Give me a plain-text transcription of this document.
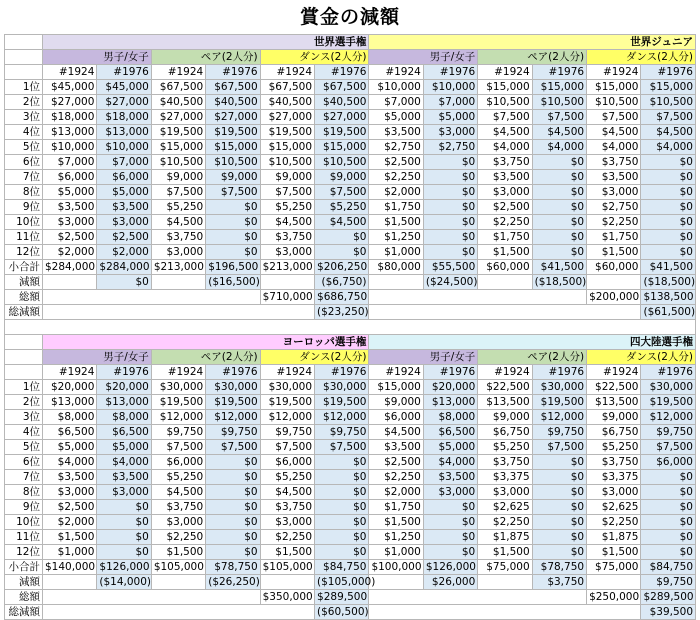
賞金の減額
	世界選手権						世界ジュニア					
	男子/女子		ペア(2人分)		ダンス(2人分)		男子/女子		ペア(2人分)		ダンス(2人分)	
	#1924	#1976	#1924	#1976	#1924	#1976	#1924	#1976	#1924	#1976	#1924	#1976
1位	$45,000	$45,000	$67,500	$67,500	$67,500	$67,500	$10,000	$10,000	$15,000	$15,000	$15,000	$15,000
2位	$27,000	$27,000	$40,500	$40,500	$40,500	$40,500	$7,000	$7,000	$10,500	$10,500	$10,500	$10,500
3位	$18,000	$18,000	$27,000	$27,000	$27,000	$27,000	$5,000	$5,000	$7,500	$7,500	$7,500	$7,500
4位	$13,000	$13,000	$19,500	$19,500	$19,500	$19,500	$3,500	$3,000	$4,500	$4,500	$4,500	$4,500
5位	$10,000	$10,000	$15,000	$15,000	$15,000	$15,000	$2,750	$2,750	$4,000	$4,000	$4,000	$4,000
6位	$7,000	$7,000	$10,500	$10,500	$10,500	$10,500	$2,500	$0	$3,750	$0	$3,750	$0
7位	$6,000	$6,000	$9,000	$9,000	$9,000	$9,000	$2,250	$0	$3,500	$0	$3,500	$0
8位	$5,000	$5,000	$7,500	$7,500	$7,500	$7,500	$2,000	$0	$3,000	$0	$3,000	$0
9位	$3,500	$3,500	$5,250	$0	$5,250	$5,250	$1,750	$0	$2,500	$0	$2,750	$0
10位	$3,000	$3,000	$4,500	$0	$4,500	$4,500	$1,500	$0	$2,250	$0	$2,250	$0
11位	$2,500	$2,500	$3,750	$0	$3,750	$0	$1,250	$0	$1,750	$0	$1,750	$0
12位	$2,000	$2,000	$3,000	$0	$3,000	$0	$1,000	$0	$1,500	$0	$1,500	$0
小合計	$284,000	$284,000	$213,000	$196,500	$213,000	$206,250	$80,000	$55,500	$60,000	$41,500	$60,000	$41,500
減額		$0		($16,500)		($6,750)		($24,500)		($18,500)		($18,500)
総額					$710,000	$686,750					$200,000	$138,500
総減額						($23,250)						($61,500)

	ヨーロッパ選手権						四大陸選手権					
	男子/女子		ペア(2人分)		ダンス(2人分)		男子/女子		ペア(2人分)		ダンス(2人分)	
	#1924	#1976	#1924	#1976	#1924	#1976	#1924	#1976	#1924	#1976	#1924	#1976
1位	$20,000	$20,000	$30,000	$30,000	$30,000	$30,000	$15,000	$20,000	$22,500	$30,000	$22,500	$30,000
2位	$13,000	$13,000	$19,500	$19,500	$19,500	$19,500	$9,000	$13,000	$13,500	$19,500	$13,500	$19,500
3位	$8,000	$8,000	$12,000	$12,000	$12,000	$12,000	$6,000	$8,000	$9,000	$12,000	$9,000	$12,000
4位	$6,500	$6,500	$9,750	$9,750	$9,750	$9,750	$4,500	$6,500	$6,750	$9,750	$6,750	$9,750
5位	$5,000	$5,000	$7,500	$7,500	$7,500	$7,500	$3,500	$5,000	$5,250	$7,500	$5,250	$7,500
6位	$4,000	$4,000	$6,000	$0	$6,000	$0	$2,500	$4,000	$3,750	$0	$3,750	$6,000
7位	$3,500	$3,500	$5,250	$0	$5,250	$0	$2,250	$3,500	$3,375	$0	$3,375	$0
8位	$3,000	$3,000	$4,500	$0	$4,500	$0	$2,000	$3,000	$3,000	$0	$3,000	$0
9位	$2,500	$0	$3,750	$0	$3,750	$0	$1,750	$0	$2,625	$0	$2,625	$0
10位	$2,000	$0	$3,000	$0	$3,000	$0	$1,500	$0	$2,250	$0	$2,250	$0
11位	$1,500	$0	$2,250	$0	$2,250	$0	$1,250	$0	$1,875	$0	$1,875	$0
12位	$1,000	$0	$1,500	$0	$1,500	$0	$1,000	$0	$1,500	$0	$1,500	$0
小合計	$140,000	$126,000	$105,000	$78,750	$105,000	$84,750	$100,000	$126,000	$75,000	$78,750	$75,000	$84,750
減額		($14,000)		($26,250)		($105,000)		$26,000		$3,750		$9,750
総額					$350,000	$289,500					$250,000	$289,500
総減額						($60,500)						$39,500
